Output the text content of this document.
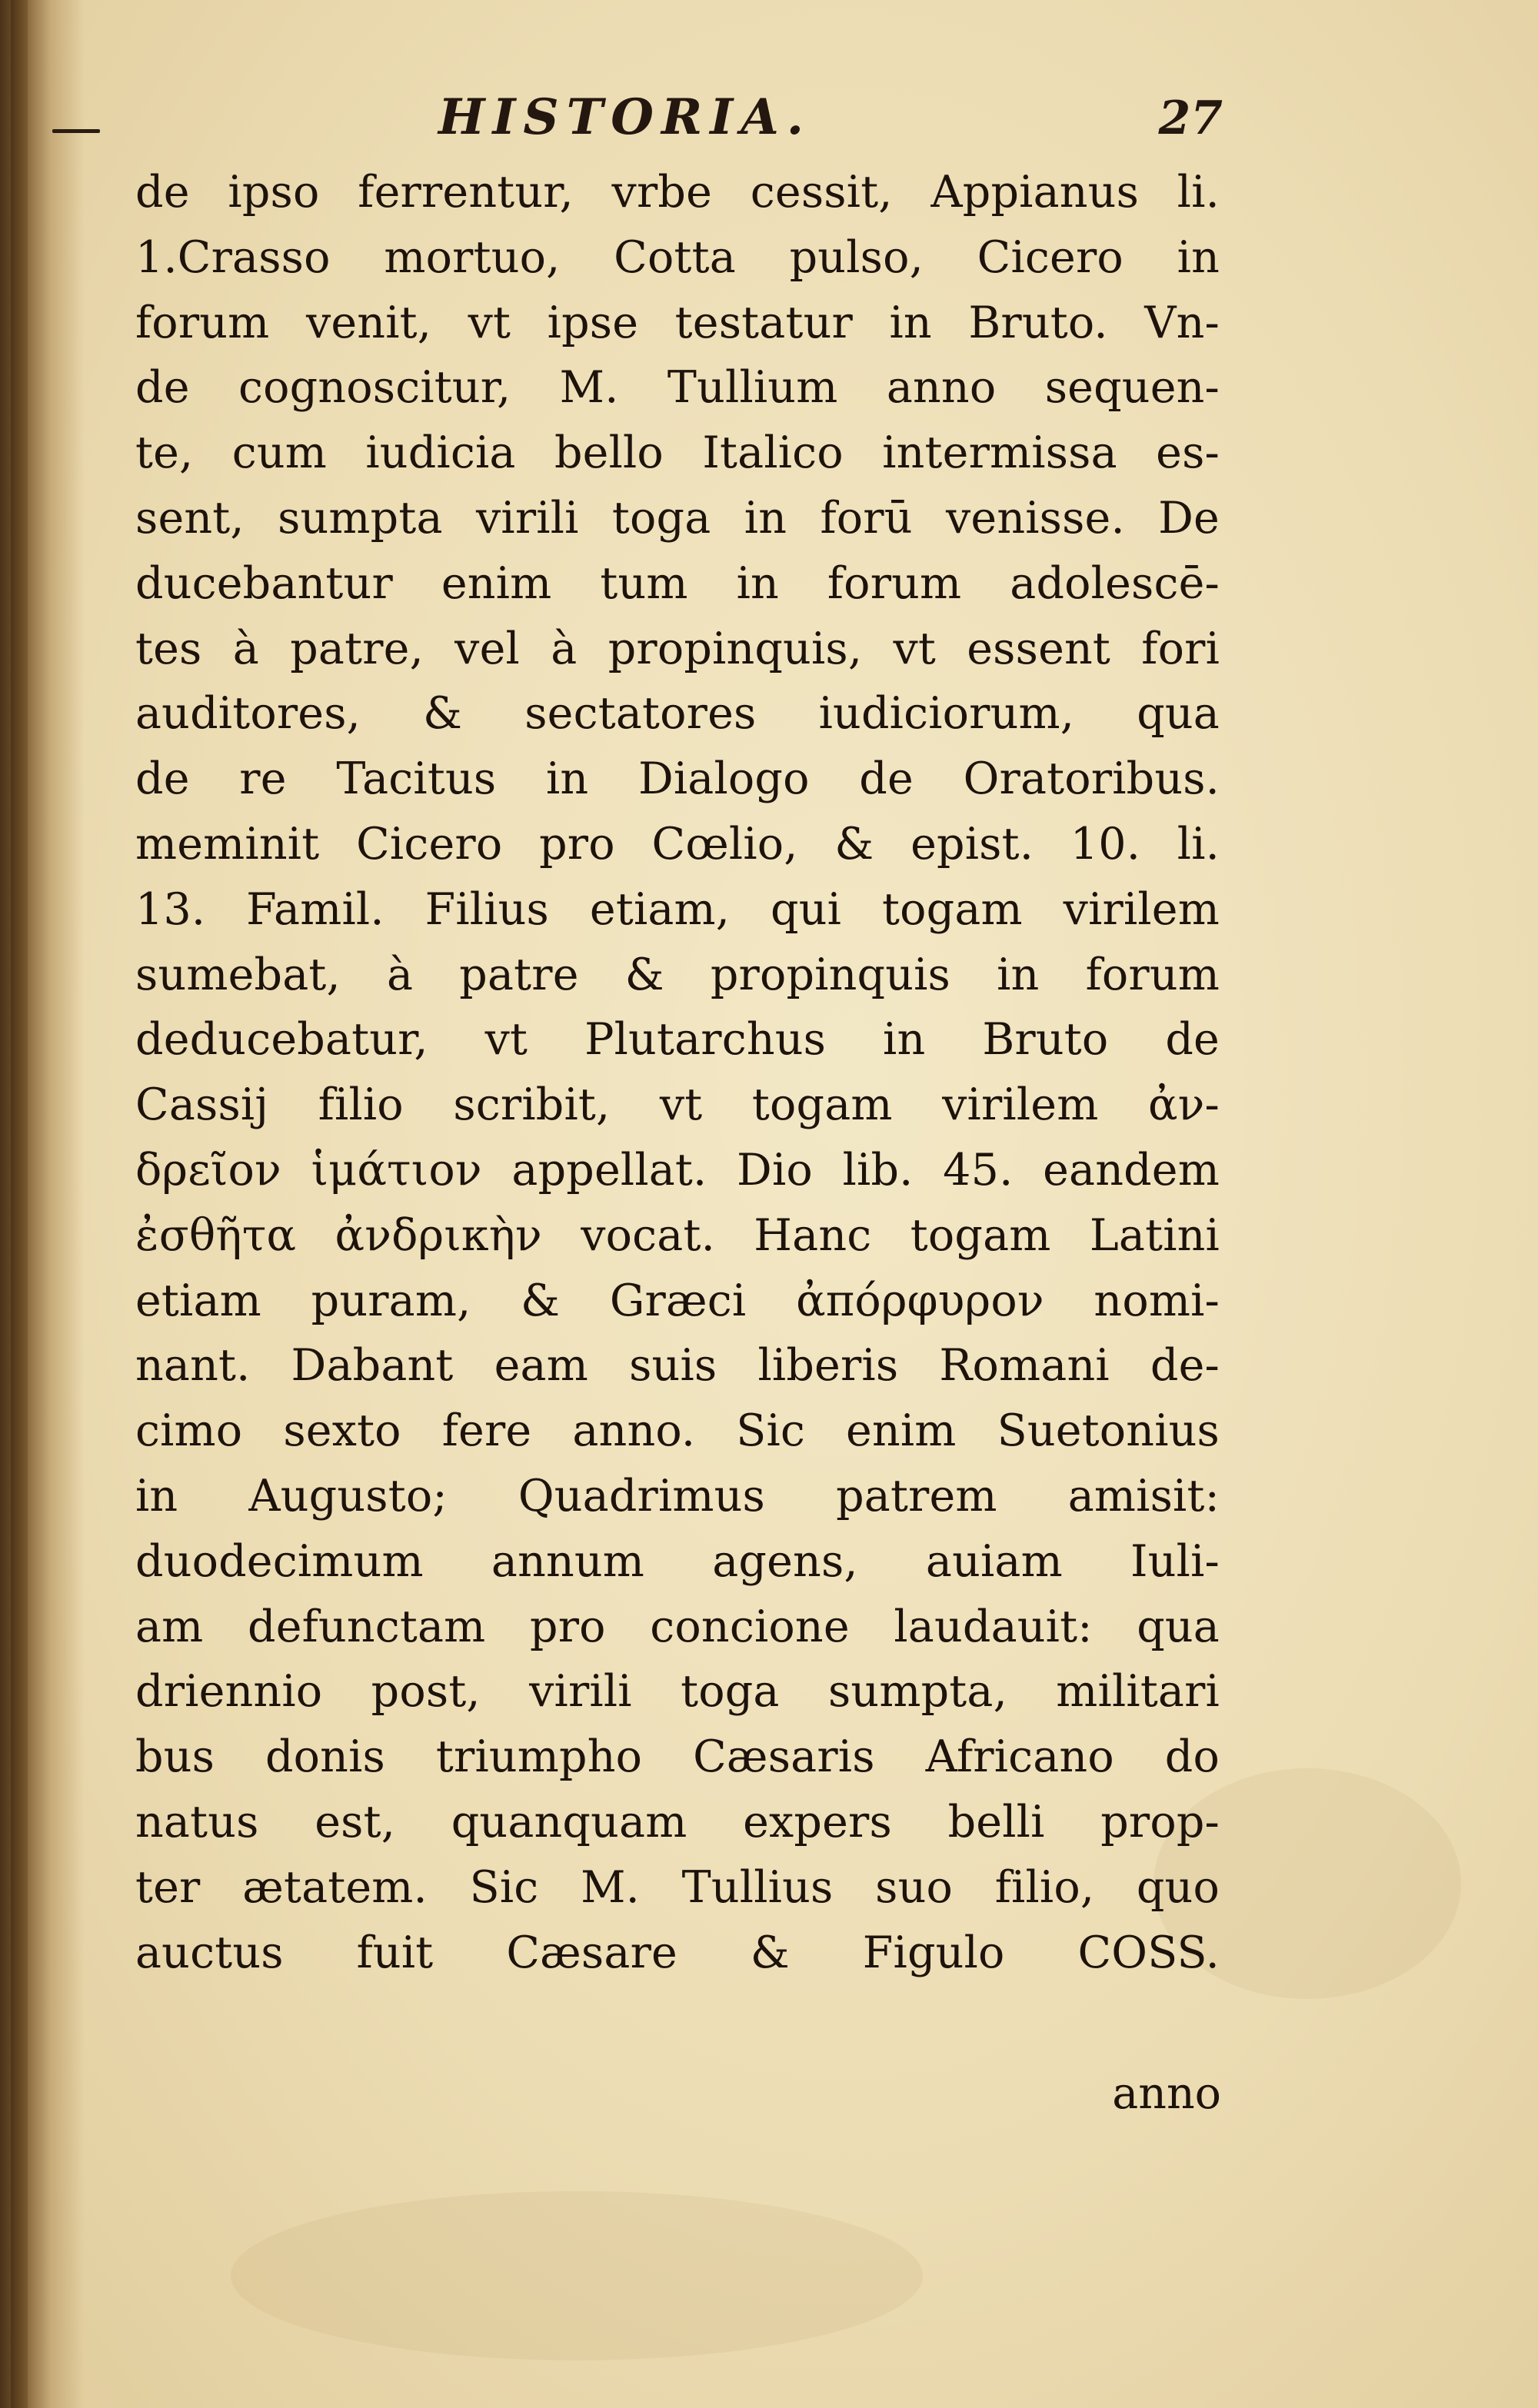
HISTORIA.	27
de ipso ferrentur, vrbe cessit, Appianus li.
1.Crasso mortuo, Cotta pulso, Cicero in
forum venit, vt ipse testatur in Bruto. Vn-
de cognoscitur, M. Tullium anno sequen-
te, cum iudicia bello Italico intermissa es-
sent, sumpta virili toga in forū venisse. De
ducebantur enim tum in forum adolescē-
tes à patre, vel à propinquis, vt essent fori
auditores, & sectatores iudiciorum, qua
de re Tacitus in Dialogo de Oratoribus.
meminit Cicero pro Cœlio, & epist. 10. li.
13. Famil. Filius etiam, qui togam virilem
sumebat, à patre & propinquis in forum
deducebatur, vt Plutarchus in Bruto de
Cassij filio scribit, vt togam virilem ἀν-
δρεῖον ἱμάτιον appellat. Dio lib. 45. eandem
ἐσθῆτα ἀνδρικὴν vocat. Hanc togam Latini
etiam puram, & Græci ἀπόρφυρον nomi-
nant. Dabant eam suis liberis Romani de-
cimo sexto fere anno. Sic enim Suetonius
in Augusto; Quadrimus patrem amisit:
duodecimum annum agens, auiam Iuli-
am defunctam pro concione laudauit: qua
driennio post, virili toga sumpta, militari
bus donis triumpho Cæsaris Africano do
natus est, quanquam expers belli prop-
ter ætatem. Sic M. Tullius suo filio, quo
auctus fuit Cæsare & Figulo COSS.
anno
